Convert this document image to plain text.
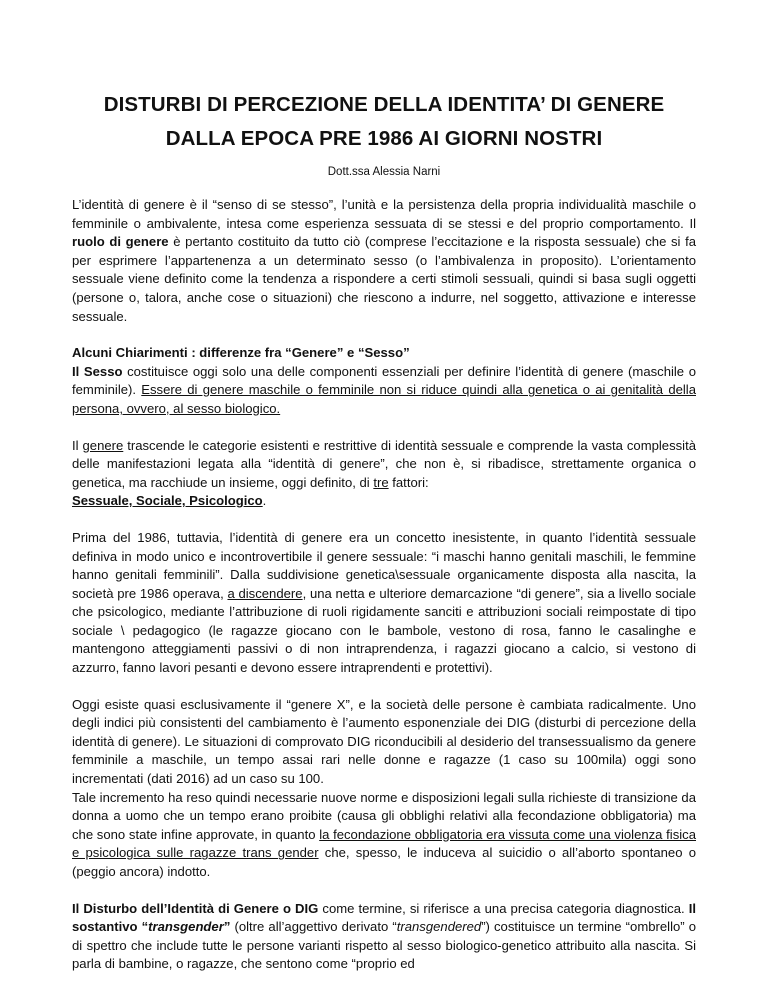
DISTURBI DI PERCEZIONE DELLA IDENTITA’ DI GENERE
DALLA EPOCA PRE 1986 AI GIORNI NOSTRI
Dott.ssa Alessia Narni

L’identità di genere è il “senso di se stesso”, l’unità e la persistenza della propria individualità maschile o femminile o ambivalente, intesa come esperienza sessuata di se stessi e del proprio comportamento. Il ruolo di genere è pertanto costituito da tutto ciò (comprese l’eccitazione e la risposta sessuale) che si fa per esprimere l’appartenenza a un determinato sesso (o l’ambivalenza in proposito). L’orientamento sessuale viene definito come la tendenza a rispondere a certi stimoli sessuali, quindi si basa sugli oggetti (persone o, talora, anche cose o situazioni) che riescono a indurre, nel soggetto, attivazione e interesse sessuale.

Alcuni Chiarimenti : differenze fra “Genere” e “Sesso”
Il Sesso costituisce oggi solo una delle componenti essenziali per definire l’identità di genere (maschile o femminile). Essere di genere maschile o femminile non si riduce quindi alla genetica o ai genitalità della persona, ovvero, al sesso biologico.

Il genere trascende le categorie esistenti e restrittive di identità sessuale e comprende la vasta complessità delle manifestazioni legata alla “identità di genere”, che non è, si ribadisce, strettamente organica o genetica, ma racchiude un insieme, oggi definito, di tre fattori:
Sessuale, Sociale, Psicologico.

Prima del 1986, tuttavia, l’identità di genere era un concetto inesistente, in quanto l’identità sessuale definiva in modo unico e incontrovertibile il genere sessuale: “i maschi hanno genitali maschili, le femmine hanno genitali femminili”. Dalla suddivisione genetica\sessuale organicamente disposta alla nascita, la società pre 1986 operava, a discendere, una netta e ulteriore demarcazione “di genere”, sia a livello sociale che psicologico, mediante l’attribuzione di ruoli rigidamente sanciti e attribuzioni sociali reimpostate di tipo sociale \ pedagogico (le ragazze giocano con le bambole, vestono di rosa, fanno le casalinghe e mantengono atteggiamenti passivi o di non intraprendenza, i ragazzi giocano a calcio, si vestono di azzurro, fanno lavori pesanti e devono essere intraprendenti e protettivi).

Oggi esiste quasi esclusivamente il “genere X”, e la società delle persone è cambiata radicalmente. Uno degli indici più consistenti del cambiamento è l’aumento esponenziale dei DIG (disturbi di percezione della identità di genere). Le situazioni di comprovato DIG riconducibili al desiderio del transessualismo da genere femminile a maschile, un tempo assai rari nelle donne e ragazze (1 caso su 100mila) oggi sono incrementati (dati 2016) ad un caso su 100.
Tale incremento ha reso quindi necessarie nuove norme e disposizioni legali sulla richieste di transizione da donna a uomo che un tempo erano proibite (causa gli obblighi relativi alla fecondazione obbligatoria) ma che sono state infine approvate, in quanto la fecondazione obbligatoria era vissuta come una violenza fisica e psicologica sulle ragazze trans gender che, spesso, le induceva al suicidio o all’aborto spontaneo o (peggio ancora) indotto.

Il Disturbo dell’Identità di Genere o DIG come termine, si riferisce a una precisa categoria diagnostica. Il sostantivo “transgender” (oltre all’aggettivo derivato “transgendered”) costituisce un termine “ombrello” o di spettro che include tutte le persone varianti rispetto al sesso biologico-genetico attribuito alla nascita. Si parla di bambine, o ragazze, che sentono come “proprio ed
